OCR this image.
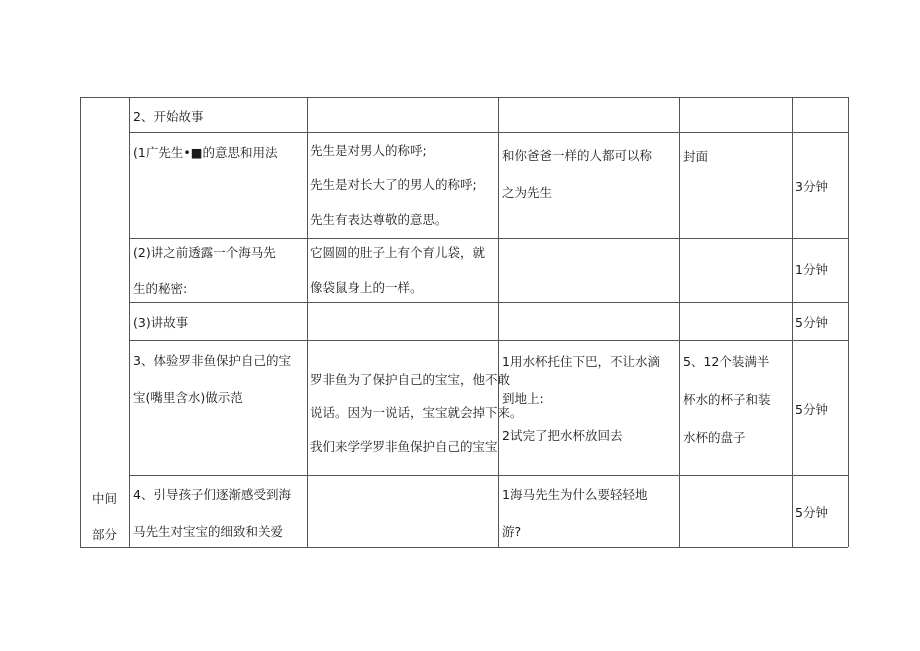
中间
部分
2、开始故事
(1广先生•■的意思和用法	先生是对男人的称呼;
先生是对长大了的男人的称呼;
先生有表达尊敬的意思。
和你爸爸一样的人都可以称
之为先生
封面
3分钟
(2)讲之前透露一个海马先
生的秘密:
它圆圆的肚子上有个育儿袋，就
像袋鼠身上的一样。
1分钟
(3)讲故事	5分钟
3、体验罗非鱼保护自己的宝
宝(嘴里含水)做示范
罗非鱼为了保护自己的宝宝，他不敢
说话。因为一说话，宝宝就会掉下来。
我们来学学罗非鱼保护自己的宝宝
1用水杯托住下巴，不让水滴
到地上:
2试完了把水杯放回去
5、12个装满半
杯水的杯子和装
水杯的盘子
5分钟
4、引导孩子们逐渐感受到海
马先生对宝宝的细致和关爱
1海马先生为什么要轻轻地
游?
5分钟
